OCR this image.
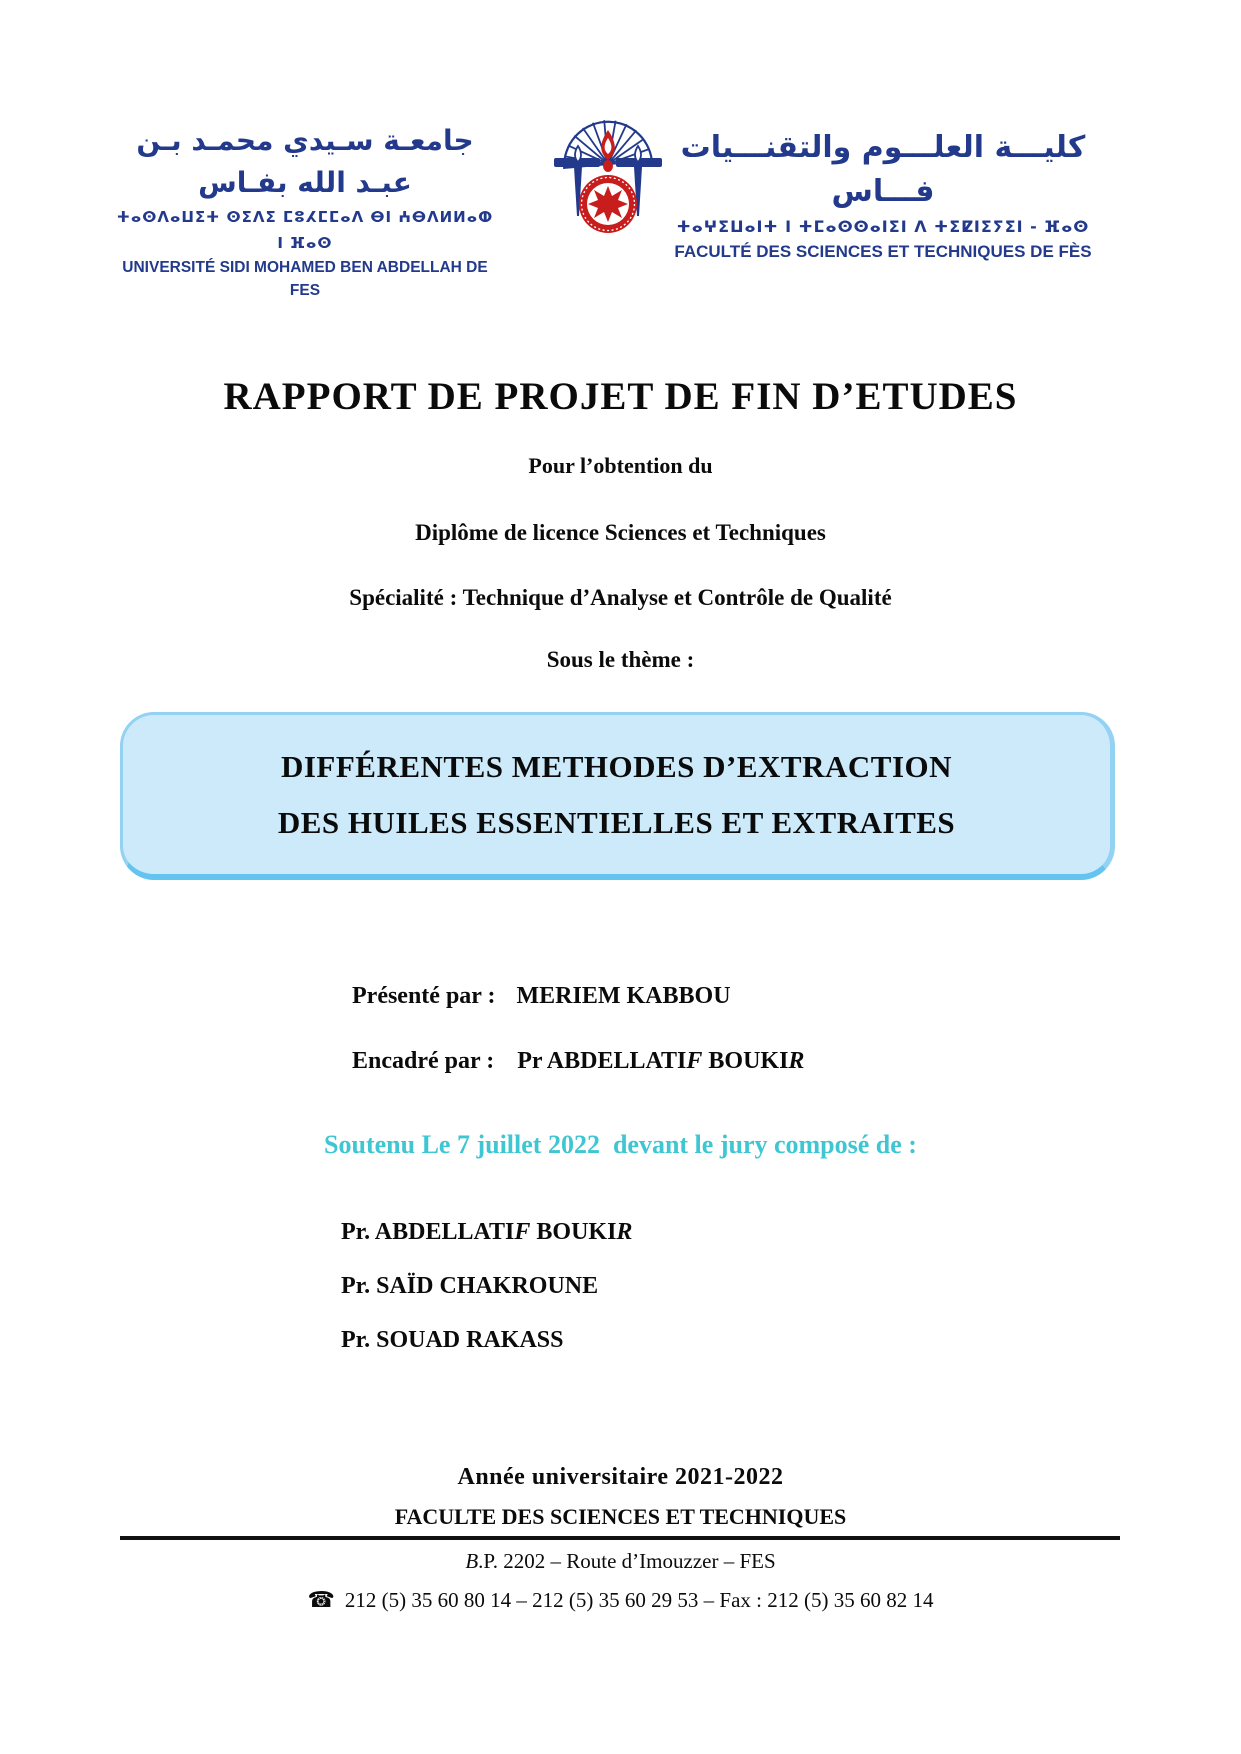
جامعـة سـيدي محمـد بـن عبـد الله بفـاس
ⵜⴰⵙⴷⴰⵡⵉⵜ ⵙⵉⴷⵉ ⵎⵓⵃⵎⵎⴰⴷ ⴱⵏ ⵄⴱⴷⵍⵍⴰⵀ ⵏ ⴼⴰⵙ
UNIVERSITÉ SIDI MOHAMED BEN ABDELLAH DE FES
كليـــة العلـــوم والتقنـــيات فـــاس
ⵜⴰⵖⵉⵡⴰⵏⵜ ⵏ ⵜⵎⴰⵙⵙⴰⵏⵉⵏ ⴷ ⵜⵉⵇⵏⵉⵢⵉⵏ - ⴼⴰⵙ
FACULTÉ DES SCIENCES ET TECHNIQUES DE FÈS
RAPPORT DE PROJET DE FIN D’ETUDES
Pour l’obtention du
Diplôme de licence Sciences et Techniques
Spécialité : Technique d’Analyse et Contrôle de Qualité
Sous le thème :
DIFFÉRENTES METHODES D’EXTRACTION
DES HUILES ESSENTIELLES ET EXTRAITES
Présenté par : MERIEM KABBOU
Encadré par : Pr ABDELLATIF BOUKIR
Soutenu Le 7 juillet 2022  devant le jury composé de :
Pr. ABDELLATIF BOUKIR
Pr. SAÏD CHAKROUNE
Pr. SOUAD RAKASS
Année universitaire 2021-2022
FACULTE DES SCIENCES ET TECHNIQUES
B.P. 2202 – Route d’Imouzzer – FES
☎ 212 (5) 35 60 80 14 – 212 (5) 35 60 29 53 – Fax : 212 (5) 35 60 82 14
